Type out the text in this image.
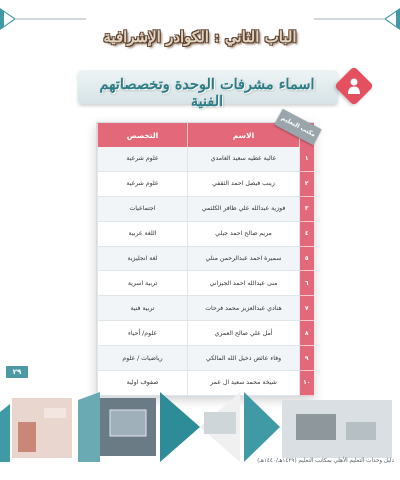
الباب الثاني : الكوادر الإشرافية
اسماء مشرفات الوحدة وتخصصاتهم الفنية
	الاسم	التخصص
١	عالية عطيه سعيد الغامدي	علوم شرعية
٢	زينب فيصل احمد الثقفي	علوم شرعية
٣	فوزية عبدالله علي ظافر الكلثمي	اجتماعيات
٤	مريم صالح احمد جبلي	اللغة عربية
٥	سميرة احمد عبدالرحمن منلي	لغة انجليزية
٦	منى عبدالله احمد الجيزاني	تربية اسرية
٧	هنادي عبدالعزيز محمد فرحات	تربية فنية
٨	أمل علي صالح العمري	علوم/ أحياء
٩	وفاء عائض دخيل الله المالكي	رياضيات / علوم
١٠	شيخة محمد سعيد ال عمر	صفوف اولية
مكتب التعليم
٢٩
دليل وحدات التعليم الأهلي بمكاتب التعليم (١٤٣٩هـ/١٤٤٠هـ)
